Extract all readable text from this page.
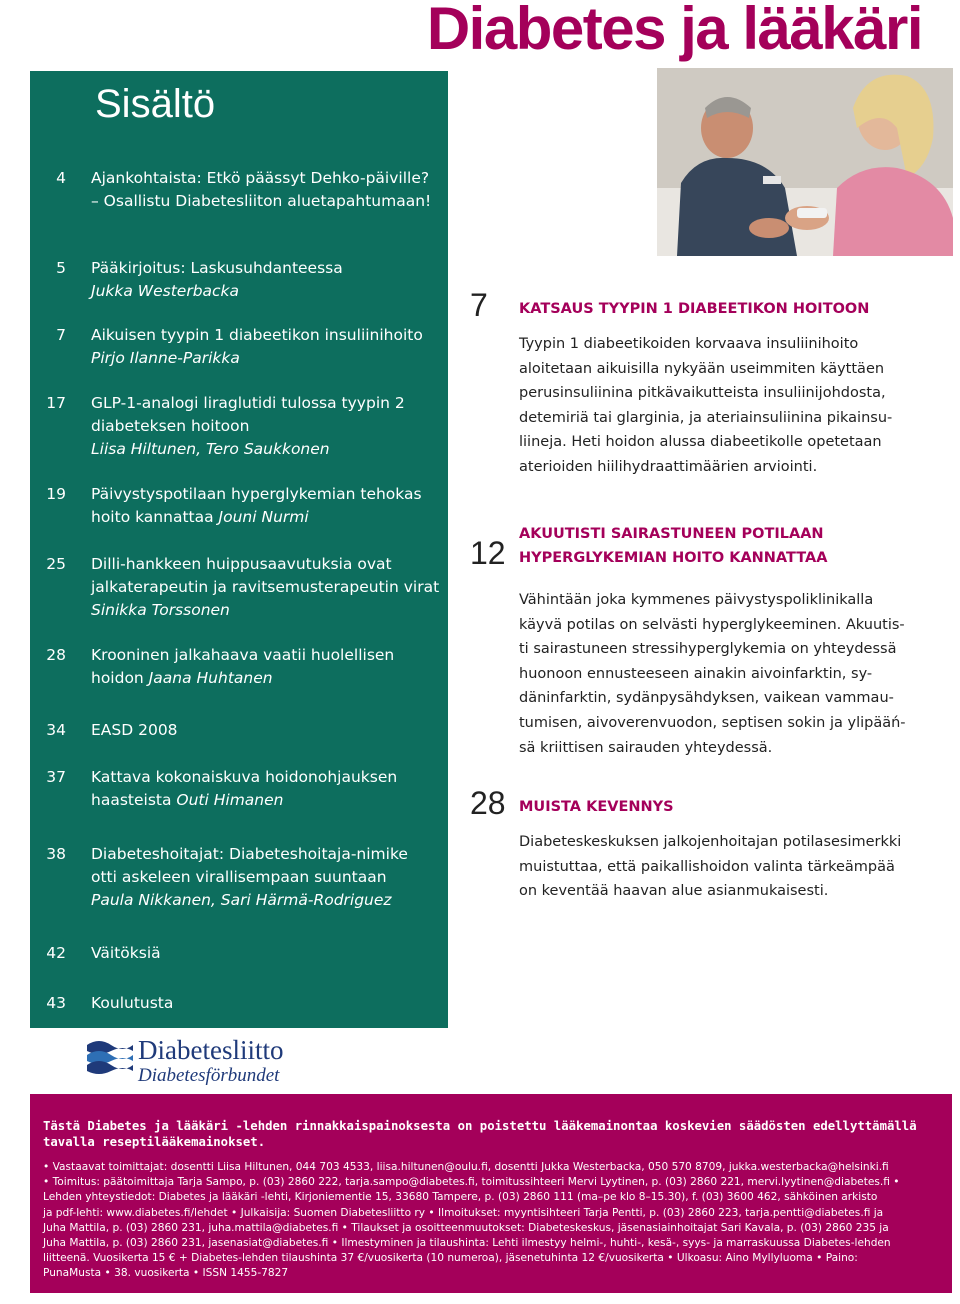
Diabetes ja lääkäri
Sisältö
4 Ajankohtaista: Etkö päässyt Dehko-päiville?
– Osallistu Diabetesliiton aluetapahtumaan!
5 Pääkirjoitus: Laskusuhdanteessa
Jukka Westerbacka
7 Aikuisen tyypin 1 diabeetikon insuliinihoito
Pirjo Ilanne-Parikka
17 GLP-1-analogi liraglutidi tulossa tyypin 2
diabeteksen hoitoon
Liisa Hiltunen, Tero Saukkonen
19 Päivystyspotilaan hyperglykemian tehokas
hoito kannattaa Jouni Nurmi
25 Dilli-hankkeen huippusaavutuksia ovat
jalkaterapeutin ja ravitsemusterapeutin virat
Sinikka Torssonen
28 Krooninen jalkahaava vaatii huolellisen
hoidon Jaana Huhtanen
34 EASD 2008
37 Kattava kokonaiskuva hoidonohjauksen
haasteista Outi Himanen
38 Diabeteshoitajat: Diabeteshoitaja-nimike
otti askeleen virallisempaan suuntaan
Paula Nikkanen, Sari Härmä-Rodriguez
42 Väitöksiä
43 Koulutusta
7 KATSAUS TYYPIN 1 DIABEETIKON HOITOON
Tyypin 1 diabeetikoiden korvaava insuliinihoito
aloitetaan aikuisilla nykyään useimmiten käyttäen
perusinsuliinina pitkävaikutteista insuliinijohdosta,
detemiriä tai glarginia, ja ateriainsuliinina pikainsu-
liineja. Heti hoidon alussa diabeetikolle opetetaan
aterioiden hiilihydraattimäärien arviointi.
12
AKUUTISTI SAIRASTUNEEN POTILAAN
HYPERGLYKEMIAN HOITO KANNATTAA
Vähintään joka kymmenes päivystyspoliklinikalla
käyvä potilas on selvästi hyperglykeeminen. Akuutis-
ti sairastuneen stressihyperglykemia on yhteydessä
huonoon ennusteeseen ainakin aivoinfarktin, sy-
däninfarktin, sydänpysähdyksen, vaikean vammau-
tumisen, aivoverenvuodon, septisen sokin ja ylipääń-
sä kriittisen sairauden yhteydessä.
28 MUISTA KEVENNYS
Diabeteskeskuksen jalkojenhoitajan potilasesimerkki
muistuttaa, että paikallishoidon valinta tärkeämpää
on keventää haavan alue asianmukaisesti.
Diabetesliitto
Diabetesförbundet
Tästä Diabetes ja lääkäri -lehden rinnakkaispainoksesta on poistettu lääkemainontaa koskevien säädösten edellyttämällä tavalla reseptilääkemainokset.
• Vastaavat toimittajat: dosentti Liisa Hiltunen, 044 703 4533, liisa.hiltunen@oulu.fi, dosentti Jukka Westerbacka, 050 570 8709, jukka.westerbacka@helsinki.fi
• Toimitus: päätoimittaja Tarja Sampo, p. (03) 2860 222, tarja.sampo@diabetes.fi, toimitussihteeri Mervi Lyytinen, p. (03) 2860 221, mervi.lyytinen@diabetes.fi •
Lehden yhteystiedot: Diabetes ja lääkäri -lehti, Kirjoniementie 15, 33680 Tampere, p. (03) 2860 111 (ma–pe klo 8–15.30), f. (03) 3600 462, sähköinen arkisto
ja pdf-lehti: www.diabetes.fi/lehdet • Julkaisija: Suomen Diabetesliitto ry • Ilmoitukset: myyntisihteeri Tarja Pentti, p. (03) 2860 223, tarja.pentti@diabetes.fi ja
Juha Mattila, p. (03) 2860 231, juha.mattila@diabetes.fi • Tilaukset ja osoitteenmuutokset: Diabeteskeskus, jäsenasiainhoitajat Sari Kavala, p. (03) 2860 235 ja
Juha Mattila, p. (03) 2860 231, jasenasiat@diabetes.fi • Ilmestyminen ja tilaushinta: Lehti ilmestyy helmi-, huhti-, kesä-, syys- ja marraskuussa Diabetes-lehden
liitteenä. Vuosikerta 15 € + Diabetes-lehden tilaushinta 37 €/vuosikerta (10 numeroa), jäsenetuhinta 12 €/vuosikerta • Ulkoasu: Aino Myllyluoma • Paino:
PunaMusta • 38. vuosikerta • ISSN 1455-7827
